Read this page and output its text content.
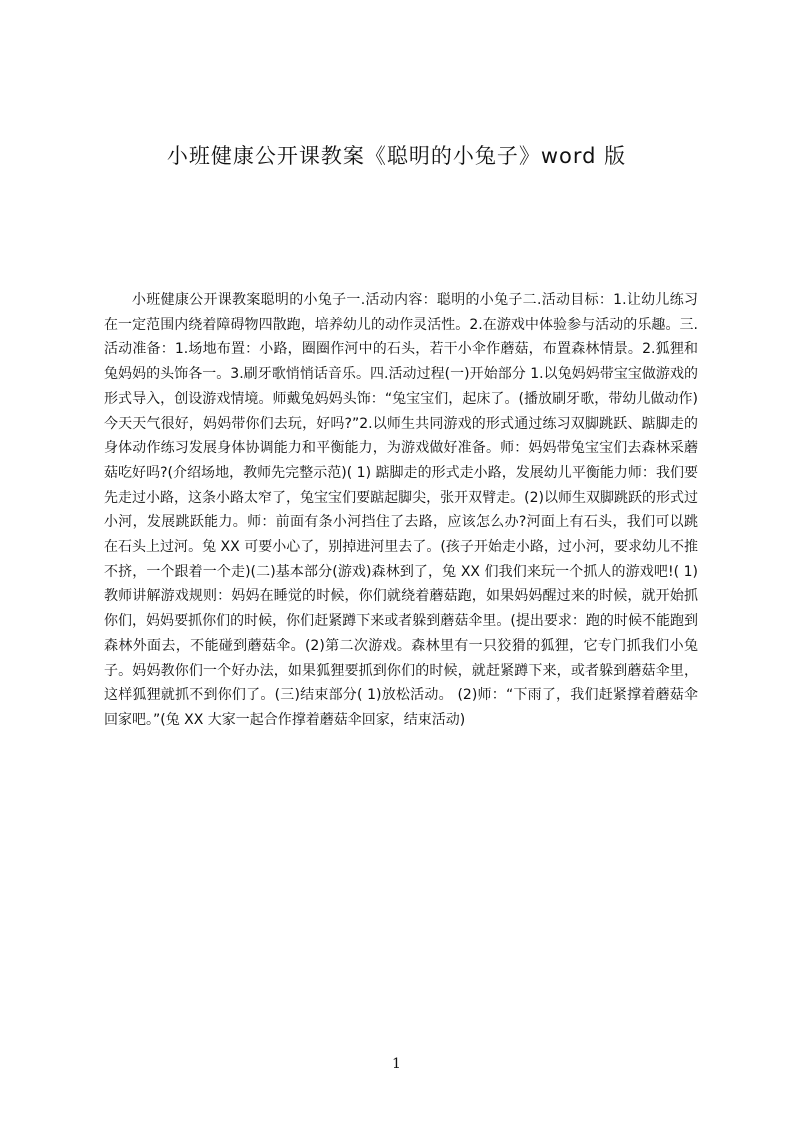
小班健康公开课教案《聪明的小兔子》word 版

小班健康公开课教案聪明的小兔子一.活动内容：聪明的小兔子二.活动目标：1.让幼儿练习在一定范围内绕着障碍物四散跑，培养幼儿的动作灵活性。2.在游戏中体验参与活动的乐趣。三.活动准备：1.场地布置：小路，圈圈作河中的石头，若干小伞作蘑菇，布置森林情景。2.狐狸和兔妈妈的头饰各一。3.刷牙歌悄悄话音乐。四.活动过程(一)开始部分 1.以兔妈妈带宝宝做游戏的形式导入，创设游戏情境。师戴兔妈妈头饰：“兔宝宝们，起床了。(播放刷牙歌，带幼儿做动作)今天天气很好，妈妈带你们去玩，好吗?”2.以师生共同游戏的形式通过练习双脚跳跃、踮脚走的身体动作练习发展身体协调能力和平衡能力，为游戏做好准备。师：妈妈带兔宝宝们去森林采蘑菇吃好吗?(介绍场地，教师先完整示范)( 1) 踮脚走的形式走小路，发展幼儿平衡能力师：我们要先走过小路，这条小路太窄了，兔宝宝们要踮起脚尖，张开双臂走。(2)以师生双脚跳跃的形式过小河，发展跳跃能力。师：前面有条小河挡住了去路，应该怎么办?河面上有石头，我们可以跳在石头上过河。兔 XX 可要小心了，别掉进河里去了。(孩子开始走小路，过小河，要求幼儿不推不挤，一个跟着一个走)(二)基本部分(游戏)森林到了，兔 XX 们我们来玩一个抓人的游戏吧!( 1) 教师讲解游戏规则：妈妈在睡觉的时候，你们就绕着蘑菇跑，如果妈妈醒过来的时候，就开始抓你们，妈妈要抓你们的时候，你们赶紧蹲下来或者躲到蘑菇伞里。(提出要求：跑的时候不能跑到森林外面去，不能碰到蘑菇伞。(2)第二次游戏。森林里有一只狡猾的狐狸，它专门抓我们小兔子。妈妈教你们一个好办法，如果狐狸要抓到你们的时候，就赶紧蹲下来，或者躲到蘑菇伞里，这样狐狸就抓不到你们了。(三)结束部分( 1)放松活动。 (2)师：“下雨了，我们赶紧撑着蘑菇伞回家吧。”(兔 XX 大家一起合作撑着蘑菇伞回家，结束活动)

1
